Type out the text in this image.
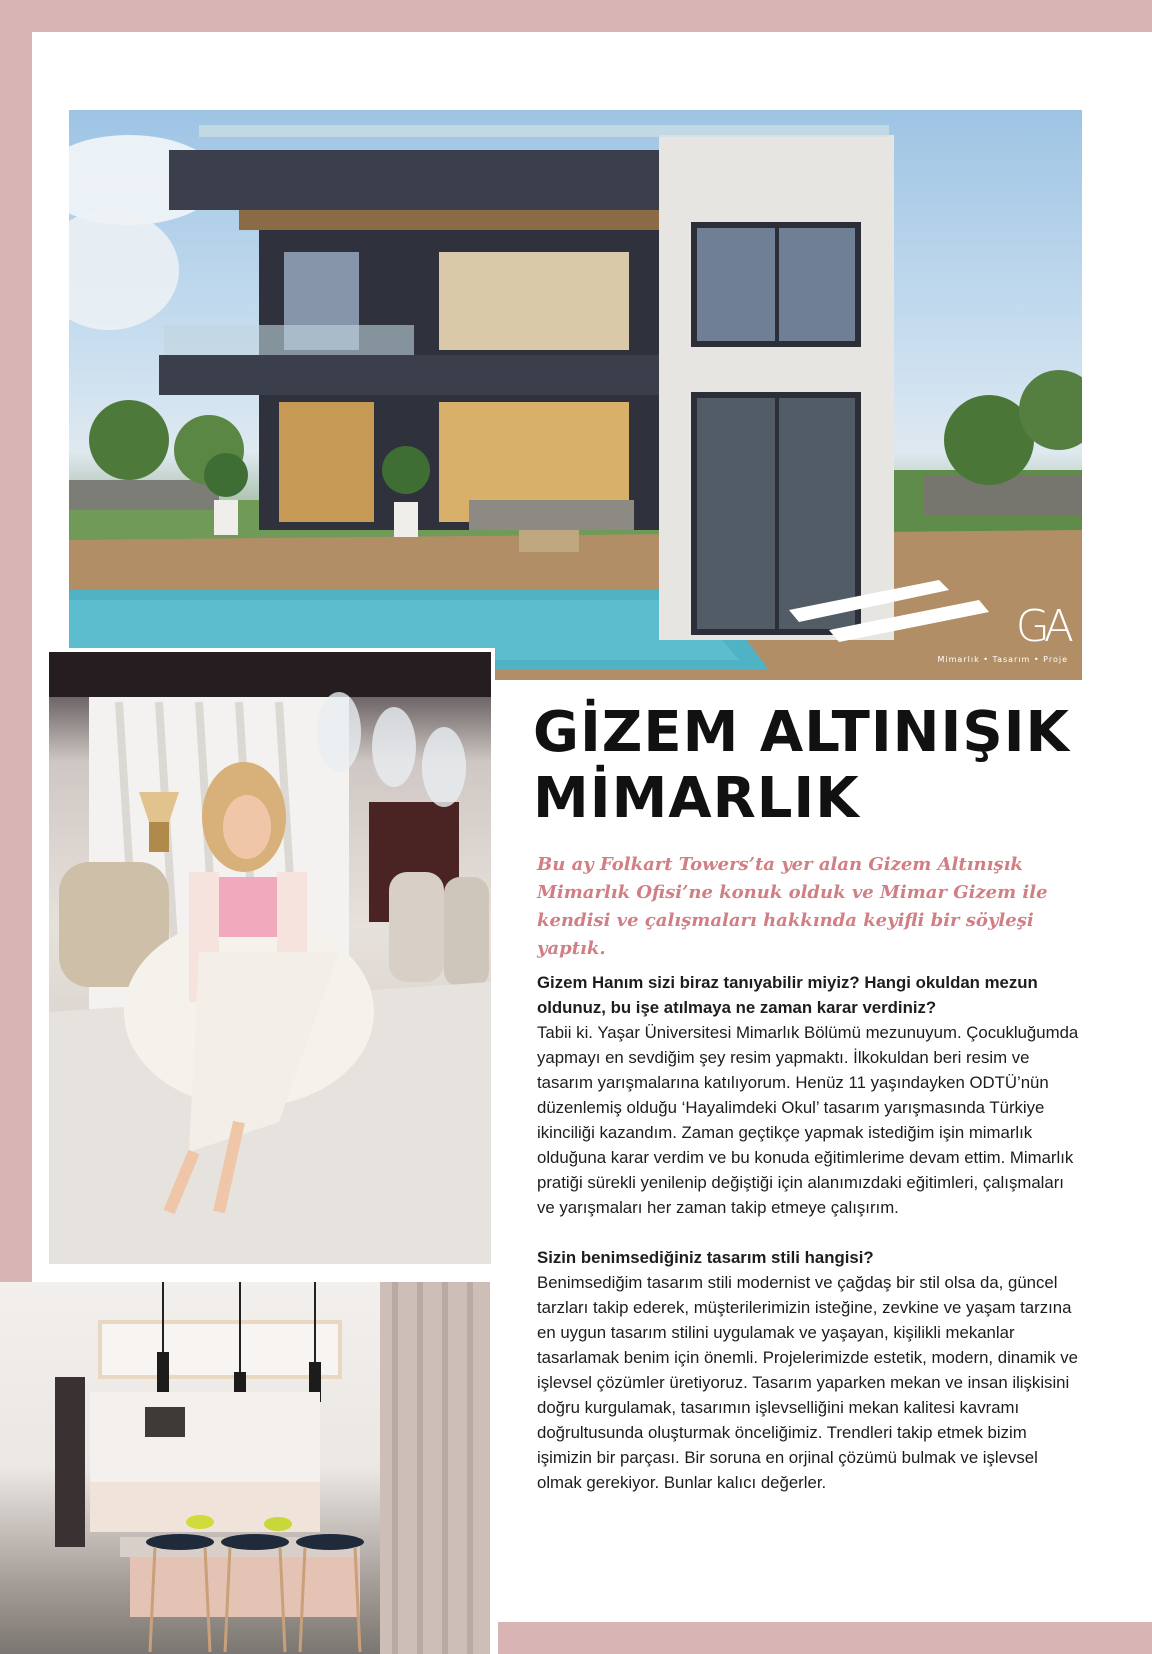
GA
Mimarlık • Tasarım • Proje
GİZEM ALTINIŞIK
MİMARLIK

Bu ay Folkart Towers’ta yer alan Gizem Altınışık Mimarlık Ofisi’ne konuk olduk ve Mimar Gizem ile kendisi ve çalışmaları hakkında keyifli bir söyleşi yaptık.

Gizem Hanım sizi biraz tanıyabilir miyiz? Hangi okuldan mezun oldunuz, bu işe atılmaya ne zaman karar verdiniz?

Tabii ki. Yaşar Üniversitesi Mimarlık Bölümü mezunuyum. Çocukluğumda yapmayı en sevdiğim şey resim yapmaktı. İlkokuldan beri resim ve tasarım yarışmalarına katılıyorum. Henüz 11 yaşındayken ODTÜ’nün düzenlemiş olduğu ‘Hayalimdeki Okul’ tasarım yarışmasında Türkiye ikinciliği kazandım. Zaman geçtikçe yapmak istediğim işin mimarlık olduğuna karar verdim ve bu konuda eğitimlerime devam ettim. Mimarlık pratiği sürekli yenilenip değiştiği için alanımızdaki eğitimleri, çalışmaları ve yarışmaları her zaman takip etmeye çalışırım.

Sizin benimsediğiniz tasarım stili hangisi?

Benimsediğim tasarım stili modernist ve çağdaş bir stil olsa da, güncel tarzları takip ederek, müşterilerimizin isteğine, zevkine ve yaşam tarzına en uygun tasarım stilini uygulamak ve yaşayan, kişilikli mekanlar tasarlamak benim için önemli. Projelerimizde estetik, modern, dinamik ve işlevsel çözümler üretiyoruz. Tasarım yaparken mekan ve insan ilişkisini doğru kurgulamak, tasarımın işlevselliğini mekan kalitesi kavramı doğrultusunda oluşturmak önceliğimiz. Trendleri takip etmek bizim işimizin bir parçası. Bir soruna en orjinal çözümü bulmak ve işlevsel olmak gerekiyor. Bunlar kalıcı değerler.
